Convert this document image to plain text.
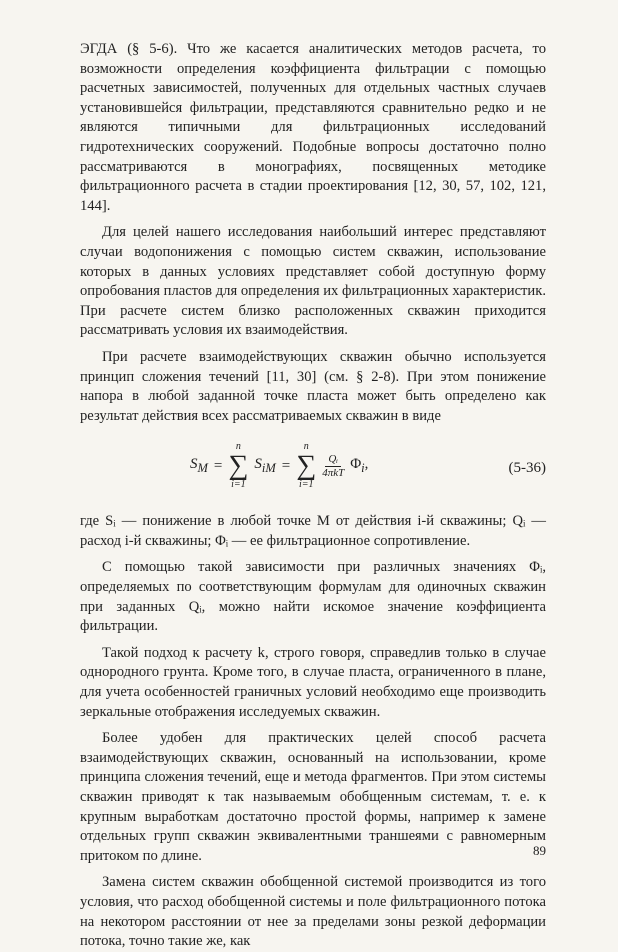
ЭГДА (§ 5-6). Что же касается аналитических методов расчета, то возможности определения коэффициента фильтрации с помощью расчетных зависимостей, полученных для отдельных частных случаев установившейся фильтрации, представляются сравнительно редко и не являются типичными для фильтрационных исследований гидротехнических сооружений. Подобные вопросы достаточно полно рассматриваются в монографиях, посвященных методике фильтрационного расчета в стадии проектирования [12, 30, 57, 102, 121, 144].

Для целей нашего исследования наибольший интерес представляют случаи водопонижения с помощью систем скважин, использование которых в данных условиях представляет собой доступную форму опробования пластов для определения их фильтрационных характеристик. При расчете систем близко расположенных скважин приходится рассматривать условия их взаимодействия.

При расчете взаимодействующих скважин обычно используется принцип сложения течений [11, 30] (см. § 2-8). При этом понижение напора в любой заданной точке пласта может быть определено как результат действия всех рассматриваемых скважин в виде

$S_M$ =
n
∑
i=1
$S_{iM}$ =
n
∑
i=1
$\frac{\text{Qᵢ}}{\text{4πkT}} \Phi_i$,	(5-36)

где Sᵢ — понижение в любой точке M от действия i-й скважины; Qᵢ — расход i-й скважины; Φᵢ — ее фильтрационное сопротивление.

С помощью такой зависимости при различных значениях Φᵢ, определяемых по соответствующим формулам для одиночных скважин при заданных Qᵢ, можно найти искомое значение коэффициента фильтрации.

Такой подход к расчету k, строго говоря, справедлив только в случае однородного грунта. Кроме того, в случае пласта, ограниченного в плане, для учета особенностей граничных условий необходимо еще производить зеркальные отображения исследуемых скважин.

Более удобен для практических целей способ расчета взаимодействующих скважин, основанный на использовании, кроме принципа сложения течений, еще и метода фрагментов. При этом системы скважин приводят к так называемым обобщенным системам, т. е. к крупным выработкам достаточно простой формы, например к замене отдельных групп скважин эквивалентными траншеями с равномерным притоком по длине.

Замена систем скважин обобщенной системой производится из того условия, что расход обобщенной системы и поле фильтрационного потока на некотором расстоянии от нее за пределами зоны резкой деформации потока, точно такие же, как

89
